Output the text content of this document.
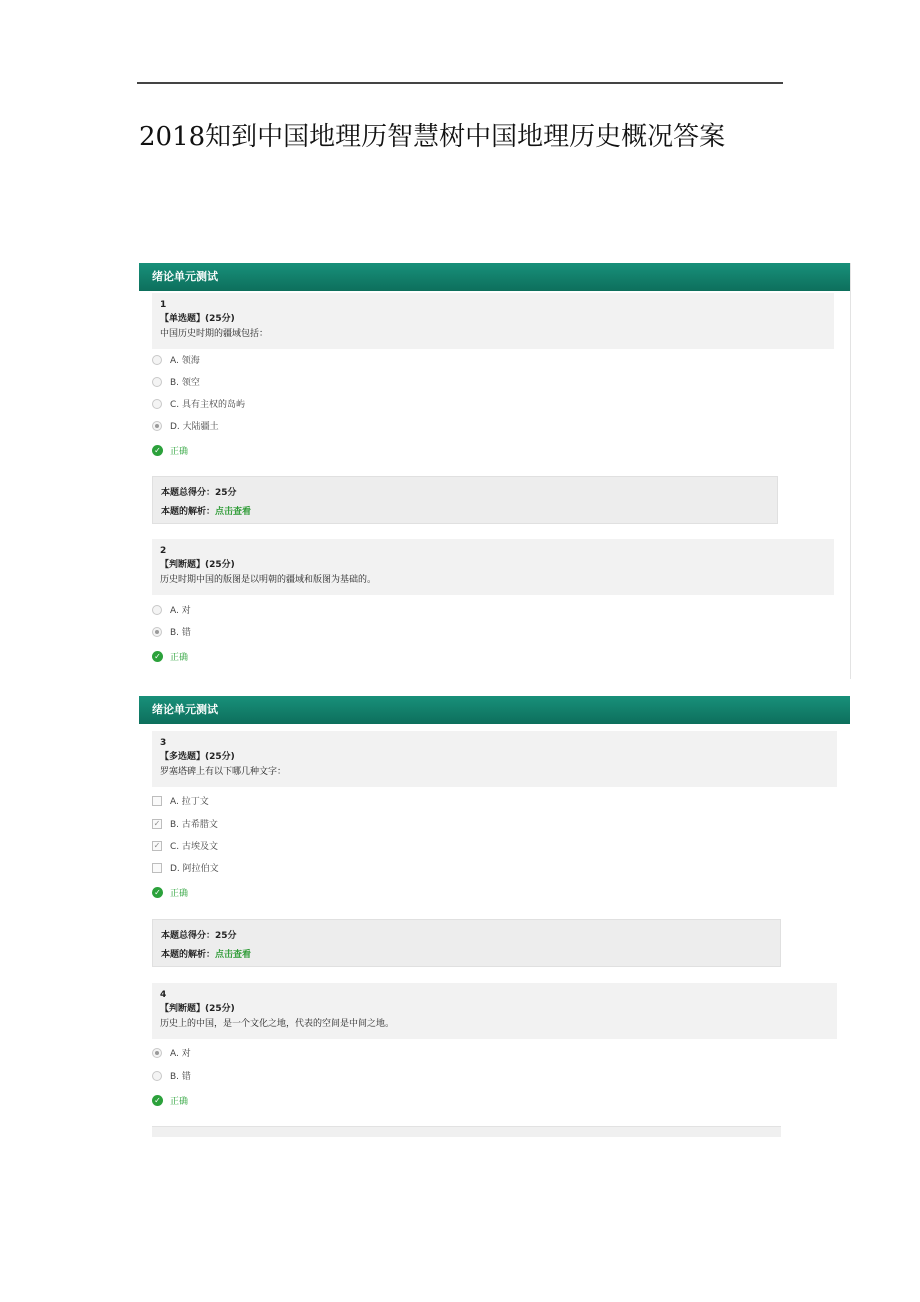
2018知到中国地理历智慧树中国地理历史概况答案
绪论单元测试
1
【单选题】(25分)
中国历史时期的疆域包括：
A. 领海
B. 领空
C. 具有主权的岛屿
D. 大陆疆土
✓ 正确
本题总得分：25分
本题的解析：点击查看
2
【判断题】(25分)
历史时期中国的版图是以明朝的疆域和版图为基础的。
A. 对
B. 错
✓ 正确
绪论单元测试
3
【多选题】(25分)
罗塞塔碑上有以下哪几种文字：
A. 拉丁文
✓ B. 古希腊文
✓ C. 古埃及文
D. 阿拉伯文
✓ 正确
本题总得分：25分
本题的解析：点击查看
4
【判断题】(25分)
历史上的中国，是一个文化之地，代表的空间是中间之地。
A. 对
B. 错
✓ 正确
